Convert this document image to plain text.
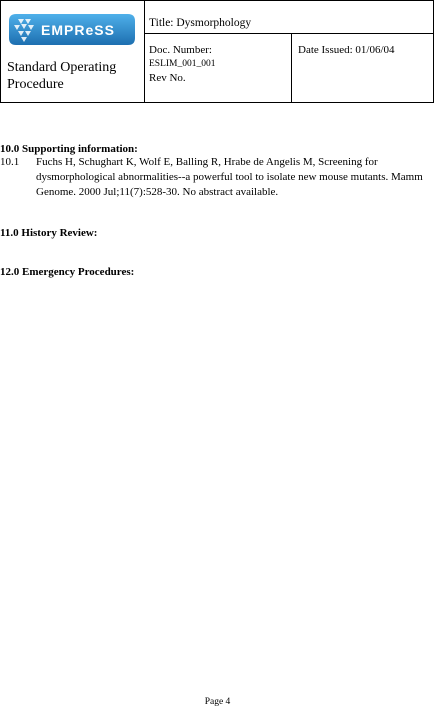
EMPReSS
Standard Operating Procedure
Title: Dysmorphology
Doc. Number:
ESLIM_001_001
Rev No.
Date Issued: 01/06/04
10.0 Supporting information:
10.1 Fuchs H, Schughart K, Wolf E, Balling R, Hrabe de Angelis M, Screening for dysmorphological abnormalities--a powerful tool to isolate new mouse mutants. Mamm Genome. 2000 Jul;11(7):528-30. No abstract available.
11.0 History Review:
12.0 Emergency Procedures:
Page 4
